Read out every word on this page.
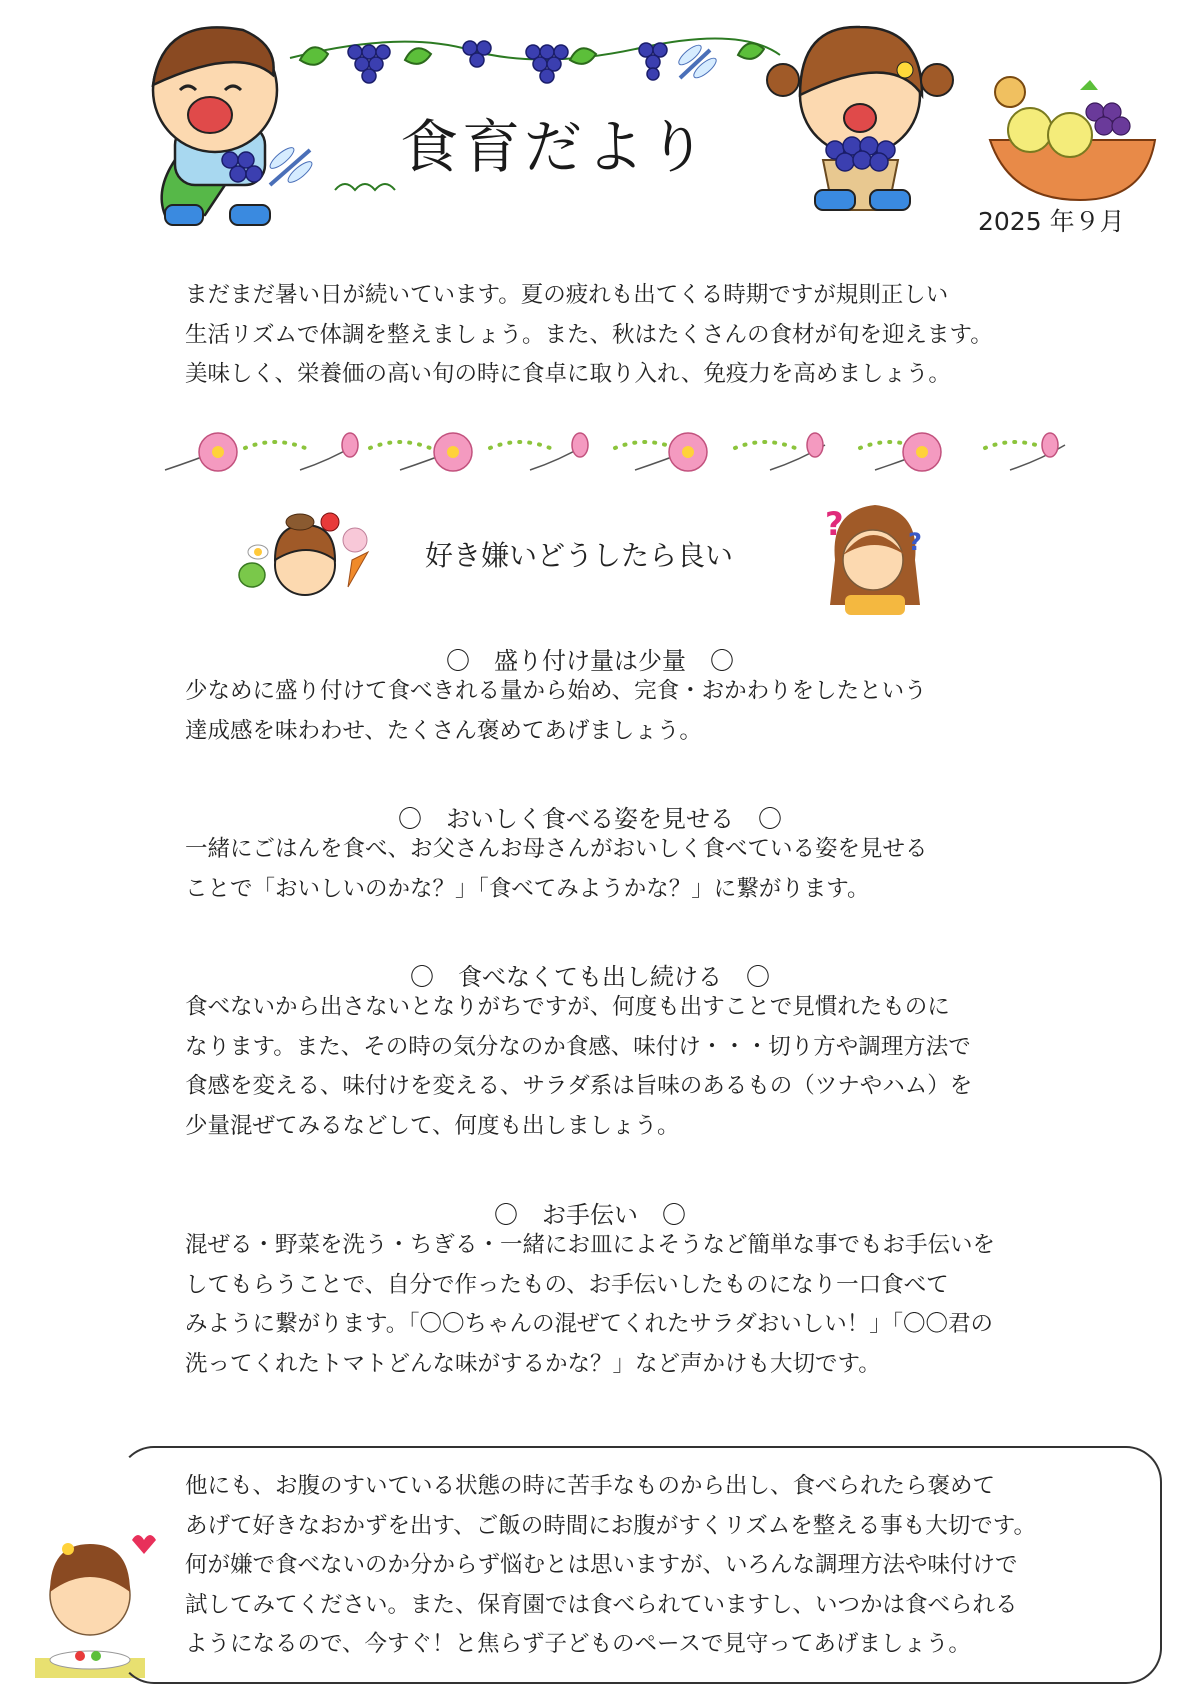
?	?
食育だより
2025 年９月
まだまだ暑い日が続いています。夏の疲れも出てくる時期ですが規則正しい
生活リズムで体調を整えましょう。また、秋はたくさんの食材が旬を迎えます。
美味しく、栄養価の高い旬の時に食卓に取り入れ、免疫力を高めましょう。
好き嫌いどうしたら良い
〇　盛り付け量は少量　〇
少なめに盛り付けて食べきれる量から始め、完食・おかわりをしたという
達成感を味わわせ、たくさん褒めてあげましょう。
〇　おいしく食べる姿を見せる　〇
一緒にごはんを食べ、お父さんお母さんがおいしく食べている姿を見せる
ことで「おいしいのかな？」「食べてみようかな？」に繋がります。
〇　食べなくても出し続ける　〇
食べないから出さないとなりがちですが、何度も出すことで見慣れたものに
なります。また、その時の気分なのか食感、味付け・・・切り方や調理方法で
食感を変える、味付けを変える、サラダ系は旨味のあるもの（ツナやハム）を
少量混ぜてみるなどして、何度も出しましょう。
〇　お手伝い　〇
混ぜる・野菜を洗う・ちぎる・一緒にお皿によそうなど簡単な事でもお手伝いを
してもらうことで、自分で作ったもの、お手伝いしたものになり一口食べて
みように繋がります。「〇〇ちゃんの混ぜてくれたサラダおいしい！」「〇〇君の
洗ってくれたトマトどんな味がするかな？」など声かけも大切です。
他にも、お腹のすいている状態の時に苦手なものから出し、食べられたら褒めて
あげて好きなおかずを出す、ご飯の時間にお腹がすくリズムを整える事も大切です。
何が嫌で食べないのか分からず悩むとは思いますが、いろんな調理方法や味付けで
試してみてください。また、保育園では食べられていますし、いつかは食べられる
ようになるので、今すぐ！と焦らず子どものペースで見守ってあげましょう。
